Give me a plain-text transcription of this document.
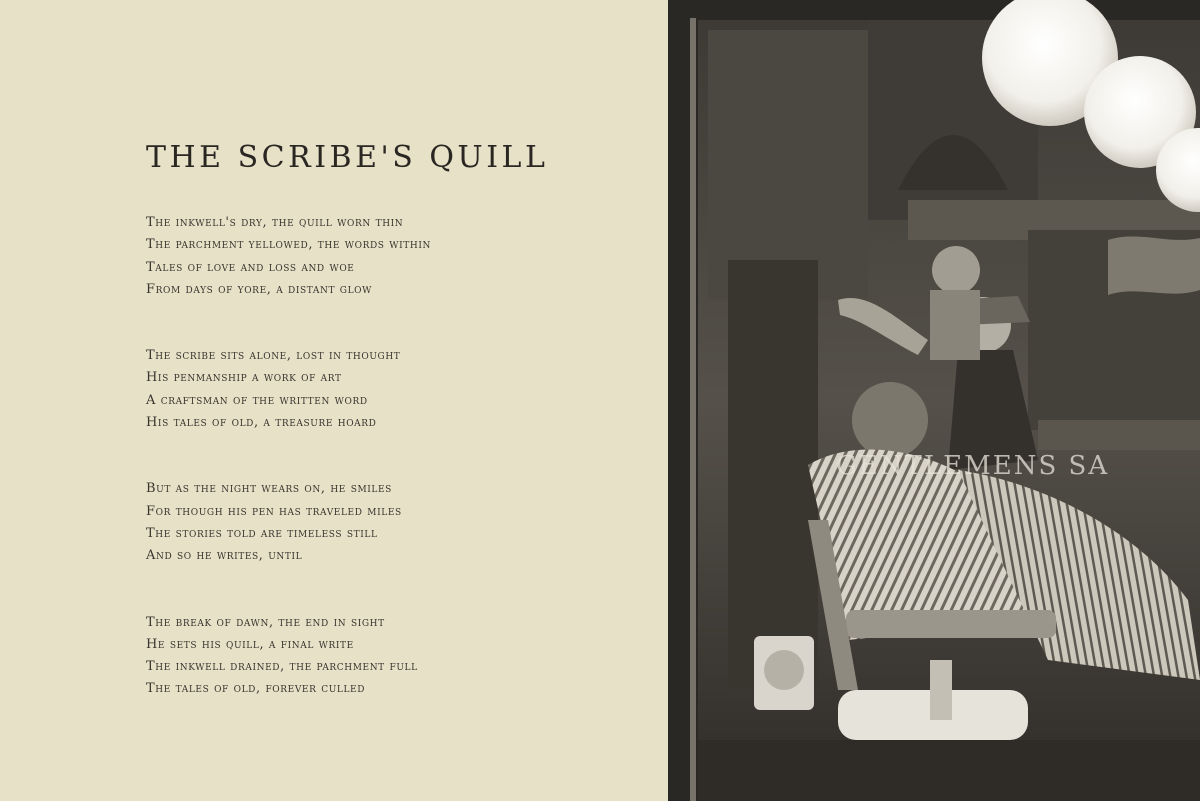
THE SCRIBE'S QUILL
The inkwell's dry, the quill worn thin
The parchment yellowed, the words within
Tales of love and loss and woe
From days of yore, a distant glow
The scribe sits alone, lost in thought
His penmanship a work of art
A craftsman of the written word
His tales of old, a treasure hoard
But as the night wears on, he smiles
For though his pen has traveled miles
The stories told are timeless still
And so he writes, until
The break of dawn, the end in sight
He sets his quill, a final write
The inkwell drained, the parchment full
The tales of old, forever culled
GENTLEMENS SA
